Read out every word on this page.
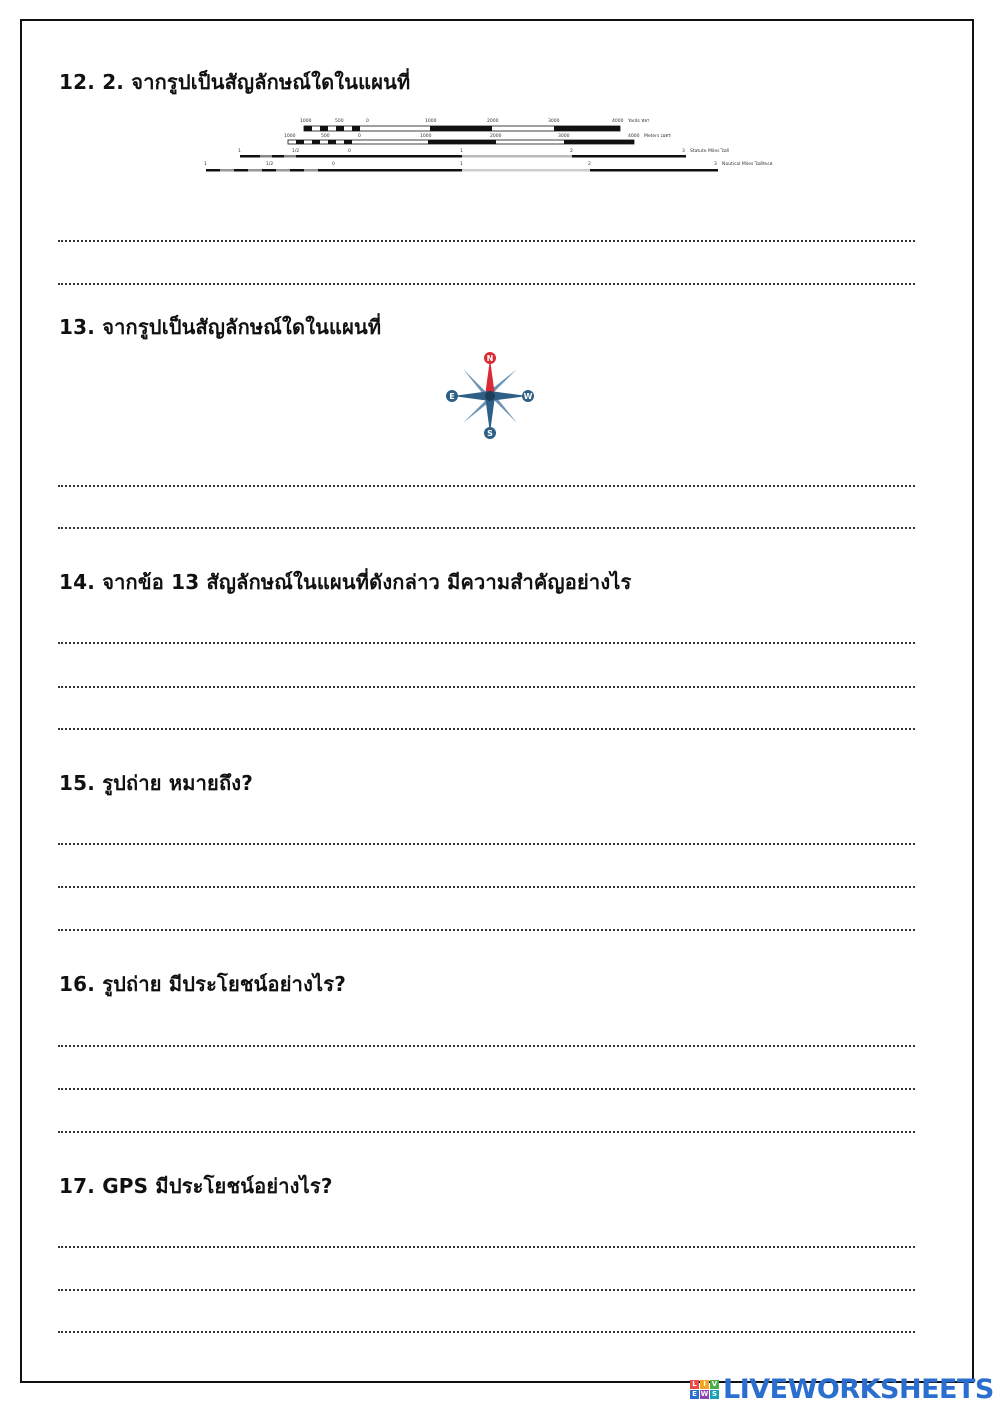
12. 2. จากรูปเป็นสัญลักษณ์ใดในแผนที่
1000	500	0	1000	2000	3000	4000 Yards หลา
1000	500	0	1000	2000	3000	4000 Meters เมตร
1	1/2	0	1	2	3 Statute Miles ไมล์
1	1/2	0	1	2	3 Nautical Miles ไมล์ทะเล
13. จากรูปเป็นสัญลักษณ์ใดในแผนที่
N
S
E	W
14. จากข้อ 13 สัญลักษณ์ในแผนที่ดังกล่าว มีความสำคัญอย่างไร
15. รูปถ่าย หมายถึง?
16. รูปถ่าย มีประโยชน์อย่างไร?
17. GPS มีประโยชน์อย่างไร?
L I V
E W S LIVEWORKSHEETS
